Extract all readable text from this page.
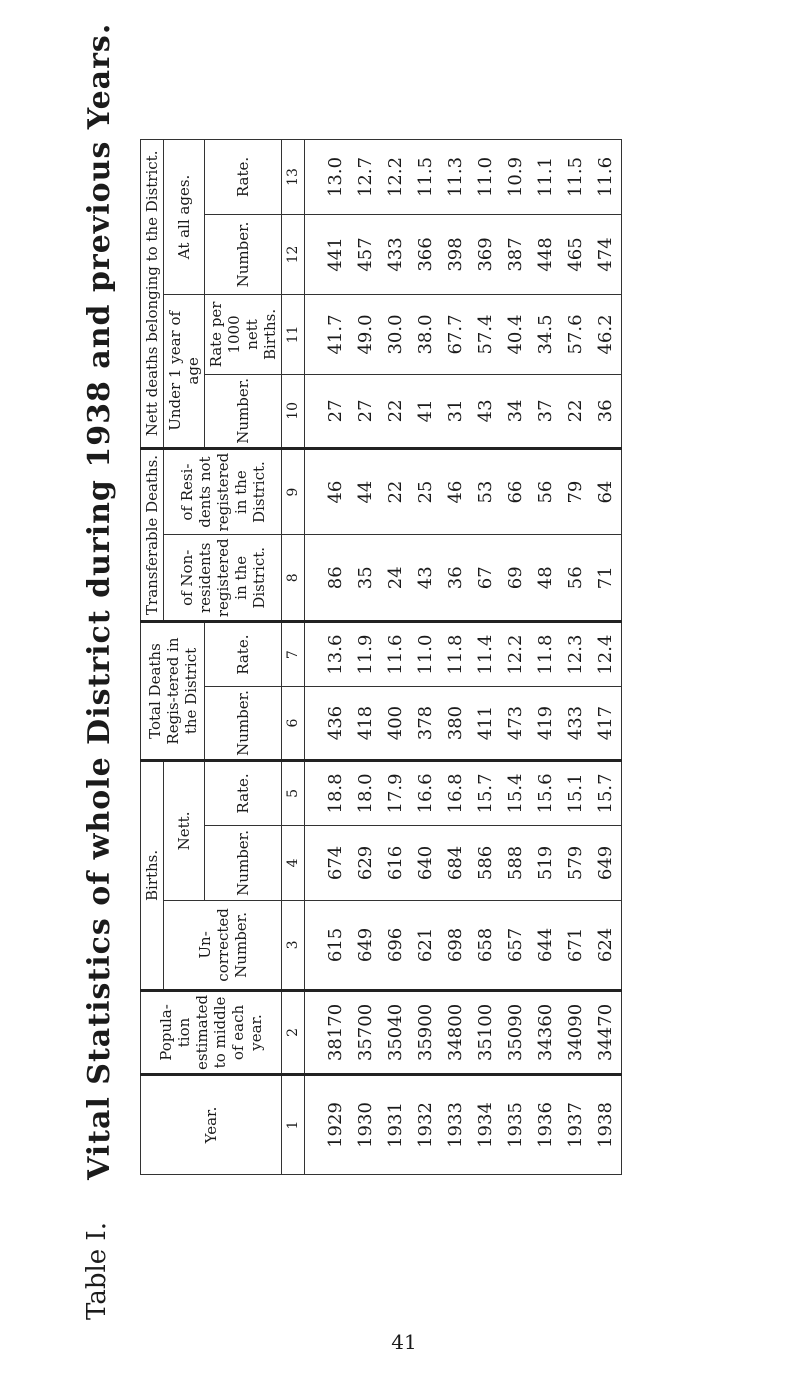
Table I.
Vital Statistics of whole District during 1938 and previous Years.	Year.	Popula-tion estimated to middle of each year.	Births.			Total Deaths Regis-tered in the District		Transferable Deaths.		Nett deaths belonging to the District.			
		Un-corrected Number.	Nett.				of Non-residents registered in the District.	of Resi-dents not registered in the District.	Under 1 year of age		At all ages.	
			Number.	Rate.	Number.	Rate.			Number.	Rate per 1000 nett Births.	Number.	Rate.
1	2	3	4	5	6	7	8	9	10	11	12	13
1929	38170	615	674	18.8	436	13.6	86	46	27	41.7	441	13.0
1930	35700	649	629	18.0	418	11.9	35	44	27	49.0	457	12.7
1931	35040	696	616	17.9	400	11.6	24	22	22	30.0	433	12.2
1932	35900	621	640	16.6	378	11.0	43	25	41	38.0	366	11.5
1933	34800	698	684	16.8	380	11.8	36	46	31	67.7	398	11.3
1934	35100	658	586	15.7	411	11.4	67	53	43	57.4	369	11.0
1935	35090	657	588	15.4	473	12.2	69	66	34	40.4	387	10.9
1936	34360	644	519	15.6	419	11.8	48	56	37	34.5	448	11.1
1937	34090	671	579	15.1	433	12.3	56	79	22	57.6	465	11.5
1938	34470	624	649	15.7	417	12.4	71	64	36	46.2	474	11.6
41
